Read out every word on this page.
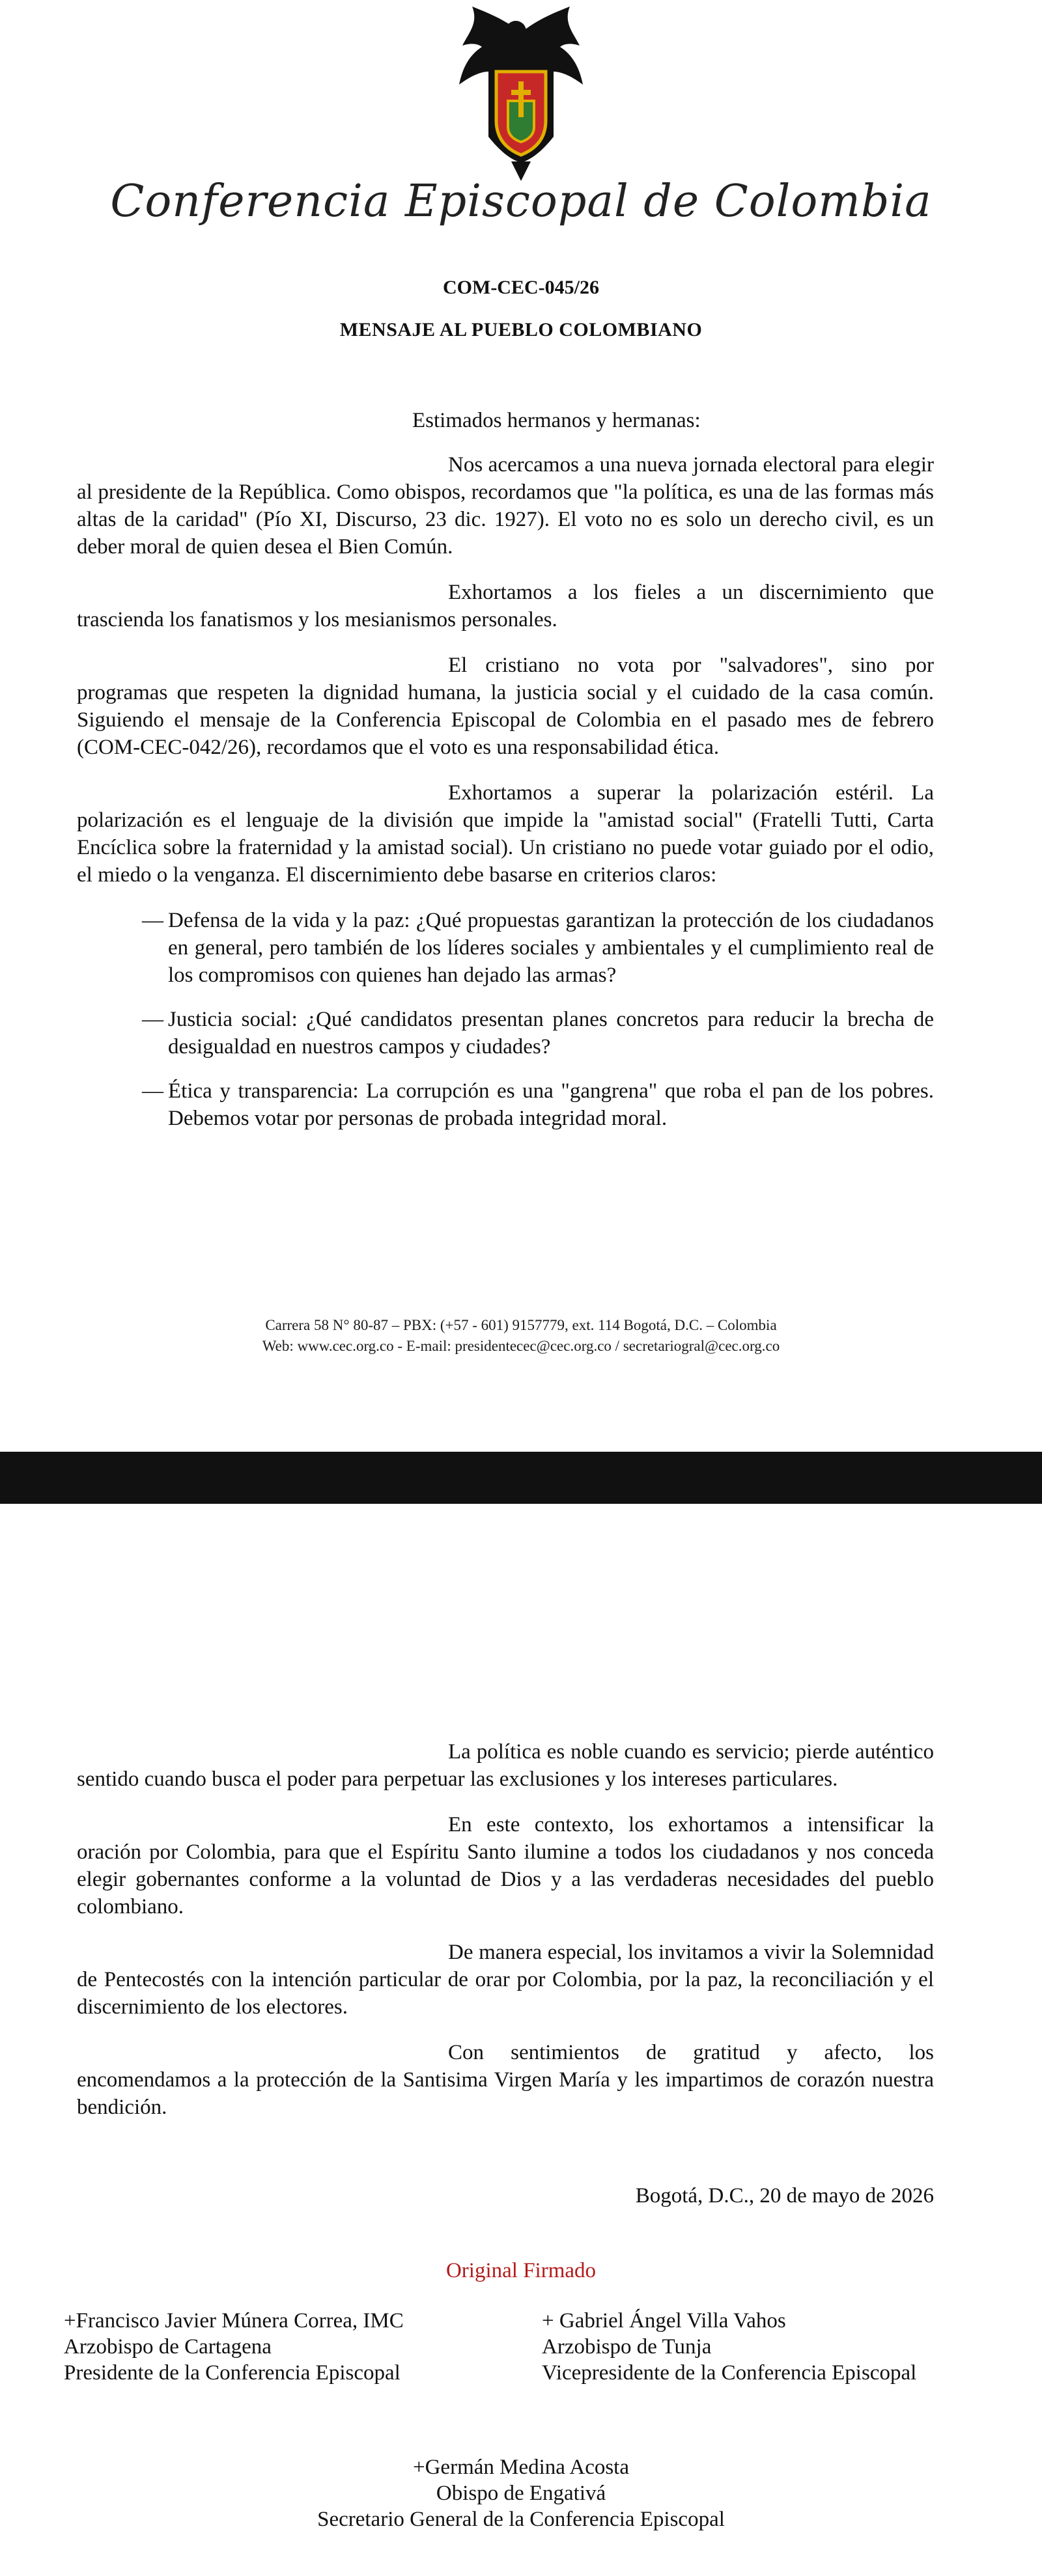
Conferencia Episcopal de Colombia
COM-CEC-045/26
MENSAJE AL PUEBLO COLOMBIANO

Estimados hermanos y hermanas:

Nos acercamos a una nueva jornada electoral para elegir al presidente de la República. Como obispos, recordamos que "la política, es una de las formas más altas de la caridad" (Pío XI, Discurso, 23 dic. 1927). El voto no es solo un derecho civil, es un deber moral de quien desea el Bien Común.

Exhortamos a los fieles a un discernimiento que trascienda los fanatismos y los mesianismos personales.

El cristiano no vota por "salvadores", sino por programas que respeten la dignidad humana, la justicia social y el cuidado de la casa común. Siguiendo el mensaje de la Conferencia Episcopal de Colombia en el pasado mes de febrero (COM-CEC-042/26), recordamos que el voto es una responsabilidad ética.

Exhortamos a superar la polarización estéril. La polarización es el lenguaje de la división que impide la "amistad social" (Fratelli Tutti, Carta Encíclica sobre la fraternidad y la amistad social). Un cristiano no puede votar guiado por el odio, el miedo o la venganza. El discernimiento debe basarse en criterios claros:

— Defensa de la vida y la paz: ¿Qué propuestas garantizan la protección de los ciudadanos en general, pero también de los líderes sociales y ambientales y el cumplimiento real de los compromisos con quienes han dejado las armas?
— Justicia social: ¿Qué candidatos presentan planes concretos para reducir la brecha de desigualdad en nuestros campos y ciudades?
— Ética y transparencia: La corrupción es una "gangrena" que roba el pan de los pobres. Debemos votar por personas de probada integridad moral.
Carrera 58 N° 80-87 – PBX: (+57 - 601) 9157779, ext. 114 Bogotá, D.C. – Colombia
Web: www.cec.org.co - E-mail: presidentecec@cec.org.co / secretariogral@cec.org.co

La política es noble cuando es servicio; pierde auténtico sentido cuando busca el poder para perpetuar las exclusiones y los intereses particulares.

En este contexto, los exhortamos a intensificar la oración por Colombia, para que el Espíritu Santo ilumine a todos los ciudadanos y nos conceda elegir gobernantes conforme a la voluntad de Dios y a las verdaderas necesidades del pueblo colombiano.

De manera especial, los invitamos a vivir la Solemnidad de Pentecostés con la intención particular de orar por Colombia, por la paz, la reconciliación y el discernimiento de los electores.

Con sentimientos de gratitud y afecto, los encomendamos a la protección de la Santisima Virgen María y les impartimos de corazón nuestra bendición.

Bogotá, D.C., 20 de mayo de 2026
Original Firmado
+Francisco Javier Múnera Correa, IMC
Arzobispo de Cartagena
Presidente de la Conferencia Episcopal
+ Gabriel Ángel Villa Vahos
Arzobispo de Tunja
Vicepresidente de la Conferencia Episcopal
+Germán Medina Acosta
Obispo de Engativá
Secretario General de la Conferencia Episcopal
